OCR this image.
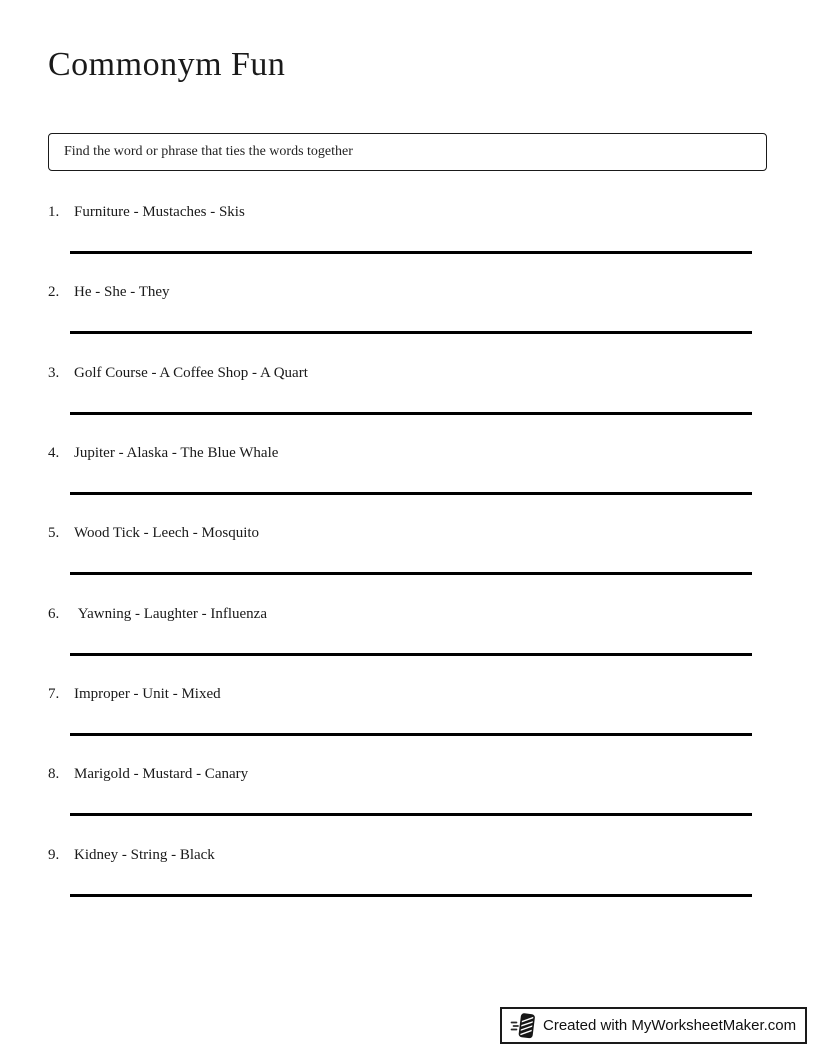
Commonym Fun
Find the word or phrase that ties the words together
1. Furniture - Mustaches - Skis
2. He - She - They
3. Golf Course - A Coffee Shop - A Quart
4. Jupiter - Alaska - The Blue Whale
5. Wood Tick - Leech - Mosquito
6. Yawning - Laughter - Influenza
7. Improper - Unit - Mixed
8. Marigold - Mustard - Canary
9. Kidney - String - Black
Created with MyWorksheetMaker.com
